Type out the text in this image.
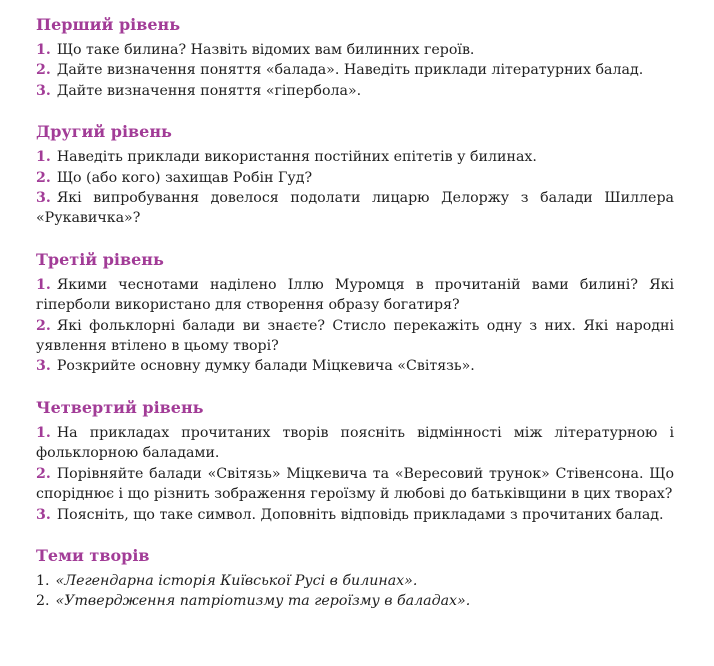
Перший рівень

1. Що таке билина? Назвіть відомих вам билинних героїв.

2. Дайте визначення поняття «балада». Наведіть приклади літературних балад.

3. Дайте визначення поняття «гіпербола».

Другий рівень

1. Наведіть приклади використання постійних епітетів у билинах.

2. Що (або кого) захищав Робін Гуд?

3. Які випробування довелося подолати лицарю Делоржу з балади Шиллера «Рукавичка»?

Третій рівень

1. Якими чеснотами наділено Іллю Муромця в прочитаній вами билині? Які гіперболи використано для створення образу богатиря?

2. Які фольклорні балади ви знаєте? Стисло перекажіть одну з них. Які народні уявлення втілено в цьому творі?

3. Розкрийте основну думку балади Міцкевича «Світязь».

Четвертий рівень

1. На прикладах прочитаних творів поясніть відмінності між літературною і фольклорною баладами.

2. Порівняйте балади «Світязь» Міцкевича та «Вересовий трунок» Стівенсона. Що споріднює і що різнить зображення героїзму й любові до батьківщини в цих творах?

3. Поясніть, що таке символ. Доповніть відповідь прикладами з прочитаних балад.

Теми творів

1. «Легендарна історія Київської Русі в билинах».

2. «Утвердження патріотизму та героїзму в баладах».
